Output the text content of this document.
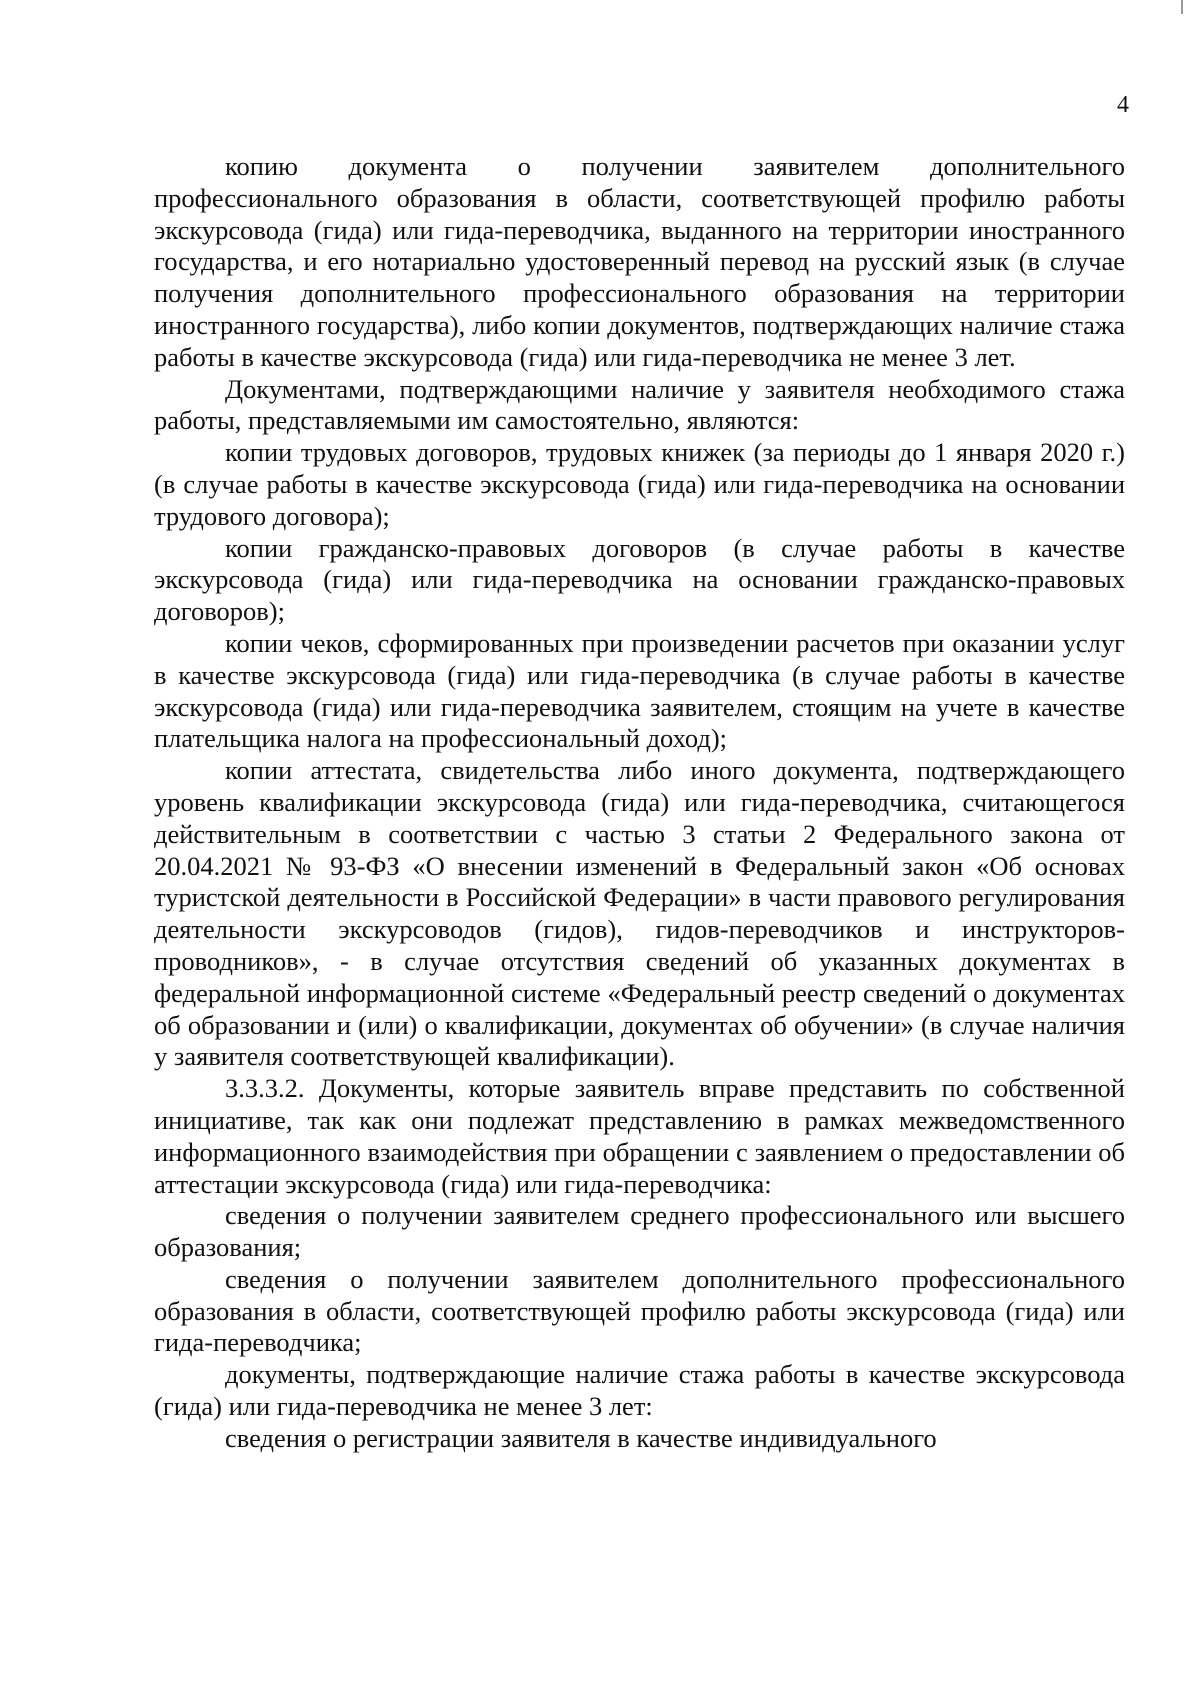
4

копию документа о получении заявителем дополнительного профессионального образования в области, соответствующей профилю работы экскурсовода (гида) или гида-переводчика, выданного на территории иностранного государства, и его нотариально удостоверенный перевод на русский язык (в случае получения дополнительного профессионального образования на территории иностранного государства), либо копии документов, подтверждающих наличие стажа работы в качестве экскурсовода (гида) или гида-переводчика не менее 3 лет.

Документами, подтверждающими наличие у заявителя необходимого стажа работы, представляемыми им самостоятельно, являются:

копии трудовых договоров, трудовых книжек (за периоды до 1 января 2020 г.) (в случае работы в качестве экскурсовода (гида) или гида-переводчика на основании трудового договора);

копии гражданско-правовых договоров (в случае работы в качестве экскурсовода (гида) или гида-переводчика на основании гражданско-правовых договоров);

копии чеков, сформированных при произведении расчетов при оказании услуг в качестве экскурсовода (гида) или гида-переводчика (в случае работы в качестве экскурсовода (гида) или гида-переводчика заявителем, стоящим на учете в качестве плательщика налога на профессиональный доход);

копии аттестата, свидетельства либо иного документа, подтверждающего уровень квалификации экскурсовода (гида) или гида-переводчика, считающегося действительным в соответствии с частью 3 статьи 2 Федерального закона от 20.04.2021 № 93-ФЗ «О внесении изменений в Федеральный закон «Об основах туристской деятельности в Российской Федерации» в части правового регулирования деятельности экскурсоводов (гидов), гидов-переводчиков и инструкторов-проводников», - в случае отсутствия сведений об указанных документах в федеральной информационной системе «Федеральный реестр сведений о документах об образовании и (или) о квалификации, документах об обучении» (в случае наличия у заявителя соответствующей квалификации).

3.3.3.2. Документы, которые заявитель вправе представить по собственной инициативе, так как они подлежат представлению в рамках межведомственного информационного взаимодействия при обращении с заявлением о предоставлении об аттестации экскурсовода (гида) или гида-переводчика:

сведения о получении заявителем среднего профессионального или высшего образования;

сведения о получении заявителем дополнительного профессионального образования в области, соответствующей профилю работы экскурсовода (гида) или гида-переводчика;

документы, подтверждающие наличие стажа работы в качестве экскурсовода (гида) или гида-переводчика не менее 3 лет:

сведения о регистрации заявителя в качестве индивидуального
